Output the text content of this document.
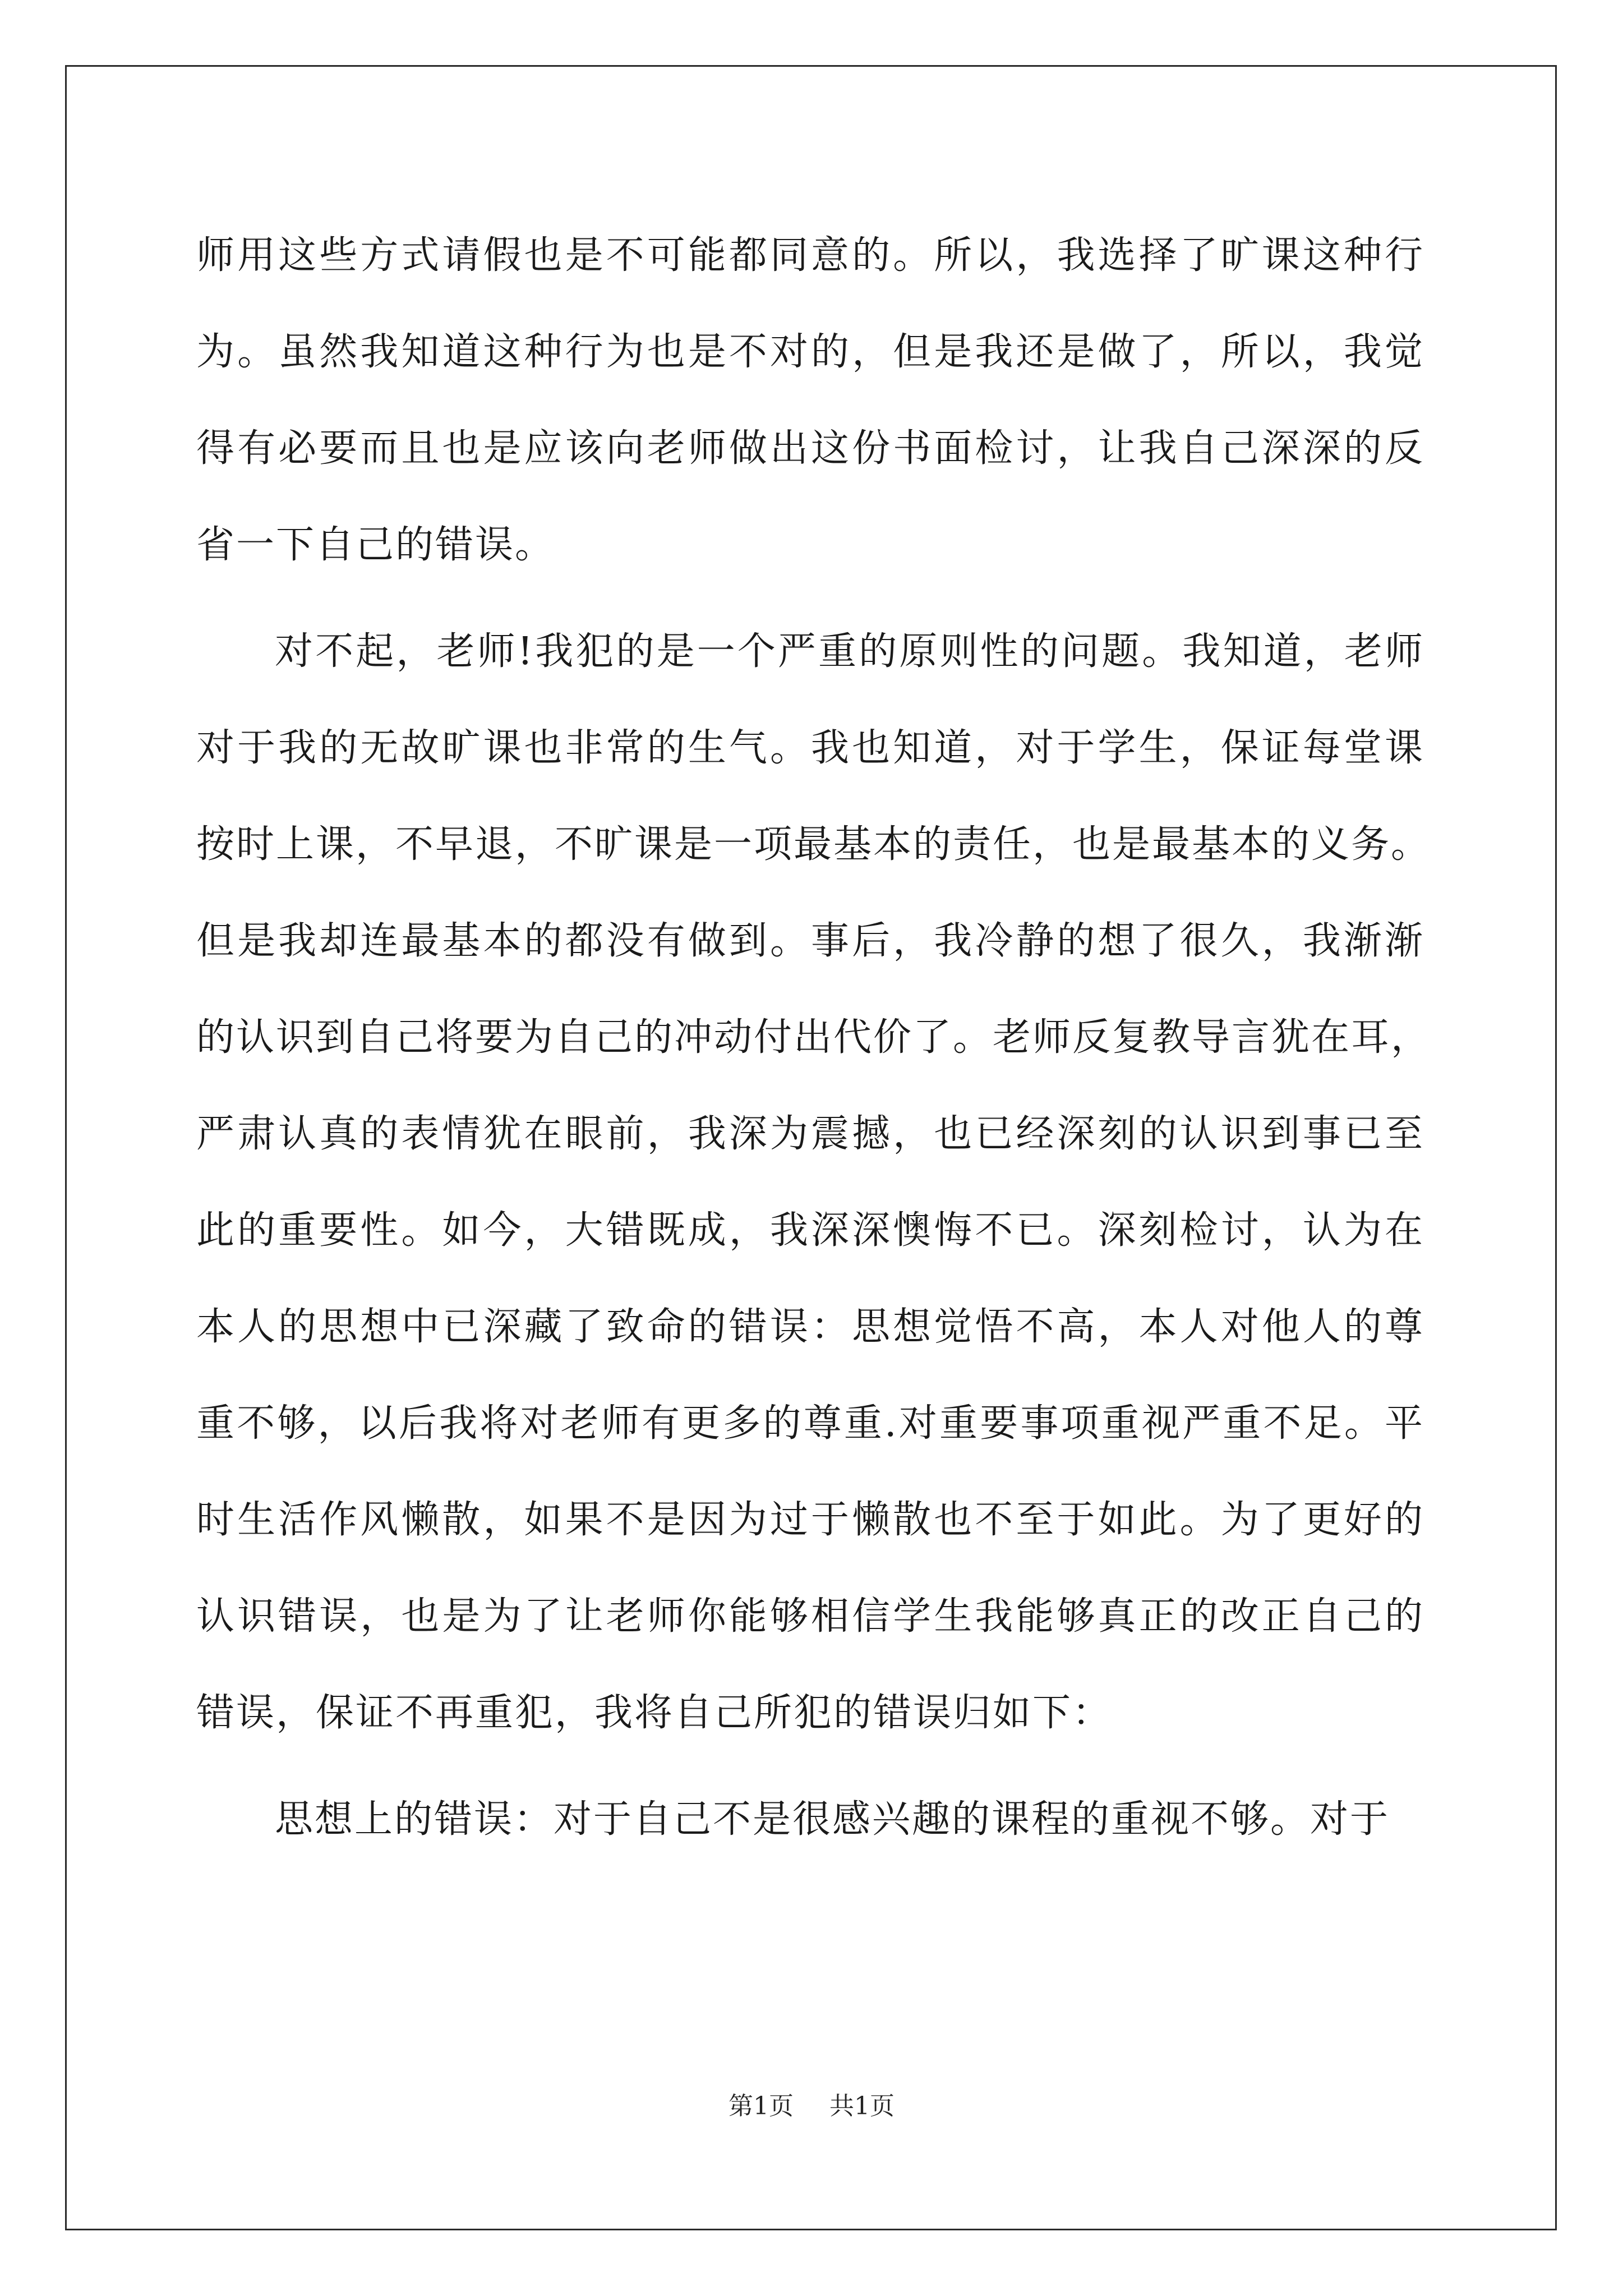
师用这些方式请假也是不可能都同意的。所以，我选择了旷课这种行
为。虽然我知道这种行为也是不对的，但是我还是做了，所以，我觉
得有必要而且也是应该向老师做出这份书面检讨，让我自己深深的反
省一下自己的错误。
对不起，老师!我犯的是一个严重的原则性的问题。我知道，老师
对于我的无故旷课也非常的生气。我也知道，对于学生，保证每堂课
按时上课，不早退，不旷课是一项最基本的责任，也是最基本的义务。
但是我却连最基本的都没有做到。事后，我冷静的想了很久，我渐渐
的认识到自己将要为自己的冲动付出代价了。老师反复教导言犹在耳，
严肃认真的表情犹在眼前，我深为震撼，也已经深刻的认识到事已至
此的重要性。如今，大错既成，我深深懊悔不已。深刻检讨，认为在
本人的思想中已深藏了致命的错误：思想觉悟不高，本人对他人的尊
重不够，以后我将对老师有更多的尊重.对重要事项重视严重不足。平
时生活作风懒散，如果不是因为过于懒散也不至于如此。为了更好的
认识错误，也是为了让老师你能够相信学生我能够真正的改正自己的
错误，保证不再重犯，我将自己所犯的错误归如下：
思想上的错误：对于自己不是很感兴趣的课程的重视不够。对于
第1页 共1页
